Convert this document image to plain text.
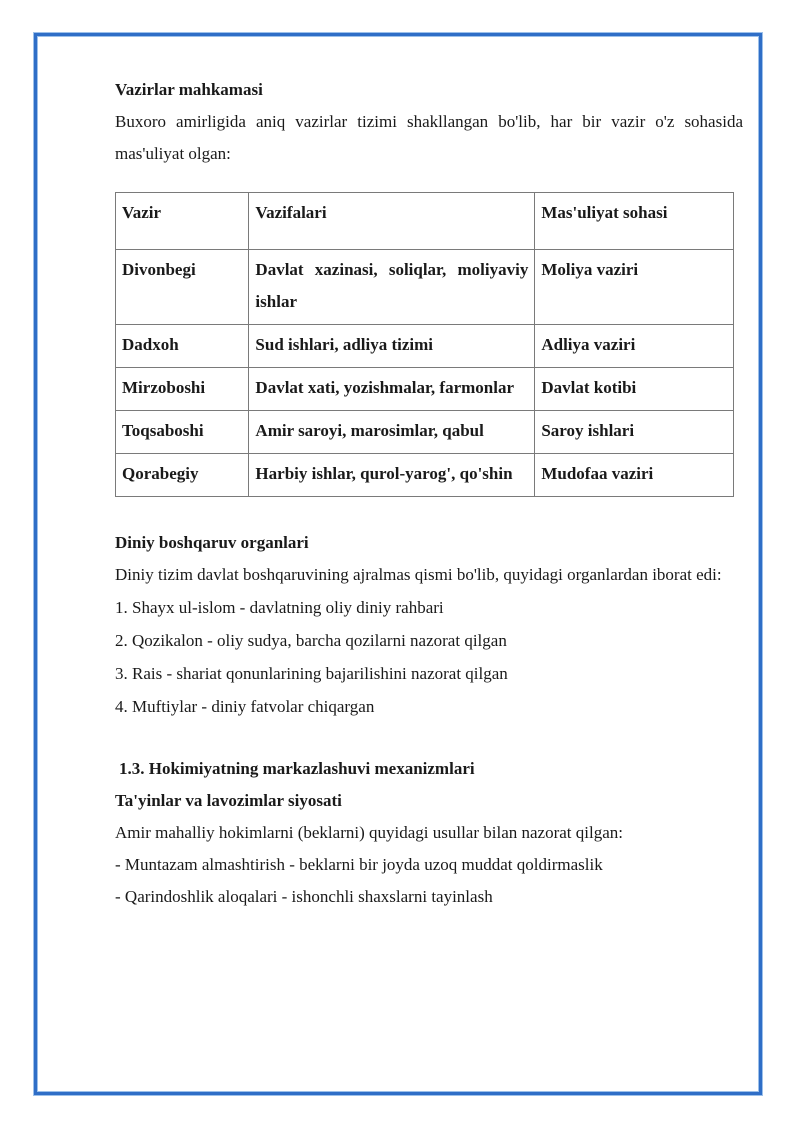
Vazirlar mahkamasi
Buxoro amirligida aniq vazirlar tizimi shakllangan bo'lib, har bir vazir o'z sohasida mas'uliyat olgan:
Vazir	Vazifalari	Mas'uliyat sohasi
Divonbegi	Davlat xazinasi, soliqlar, moliyaviy ishlar	Moliya vaziri
Dadxoh	Sud ishlari, adliya tizimi	Adliya vaziri
Mirzoboshi	Davlat xati, yozishmalar, farmonlar	Davlat kotibi
Toqsaboshi	Amir saroyi, marosimlar, qabul	Saroy ishlari
Qorabegiy	Harbiy ishlar, qurol-yarog', qo'shin	Mudofaa vaziri
Diniy boshqaruv organlari
Diniy tizim davlat boshqaruvining ajralmas qismi bo'lib, quyidagi organlardan iborat edi:
1. Shayx ul-islom - davlatning oliy diniy rahbari
2. Qozikalon - oliy sudya, barcha qozilarni nazorat qilgan
3. Rais - shariat qonunlarining bajarilishini nazorat qilgan
4. Muftiylar - diniy fatvolar chiqargan
1.3. Hokimiyatning markazlashuvi mexanizmlari
Ta'yinlar va lavozimlar siyosati
Amir mahalliy hokimlarni (beklarni) quyidagi usullar bilan nazorat qilgan:
- Muntazam almashtirish - beklarni bir joyda uzoq muddat qoldirmaslik
- Qarindoshlik aloqalari - ishonchli shaxslarni tayinlash
